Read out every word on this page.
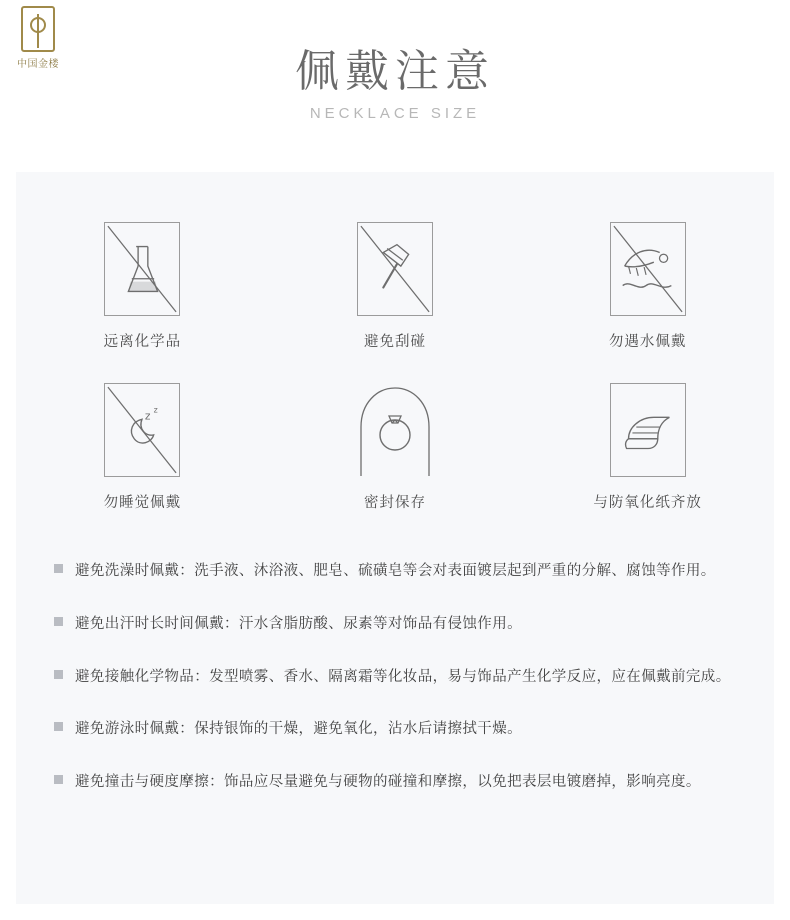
中国金楼	佩戴注意
NECKLACE SIZE
远离化学品	避免刮碰	勿遇水佩戴
z z
勿睡觉佩戴	密封保存	与防氧化纸齐放
避免洗澡时佩戴：洗手液、沐浴液、肥皂、硫磺皂等会对表面镀层起到严重的分解、腐蚀等作用。
避免出汗时长时间佩戴：汗水含脂肪酸、尿素等对饰品有侵蚀作用。
避免接触化学物品：发型喷雾、香水、隔离霜等化妆品，易与饰品产生化学反应，应在佩戴前完成。
避免游泳时佩戴：保持银饰的干燥，避免氧化，沾水后请擦拭干燥。
避免撞击与硬度摩擦：饰品应尽量避免与硬物的碰撞和摩擦，以免把表层电镀磨掉，影响亮度。
